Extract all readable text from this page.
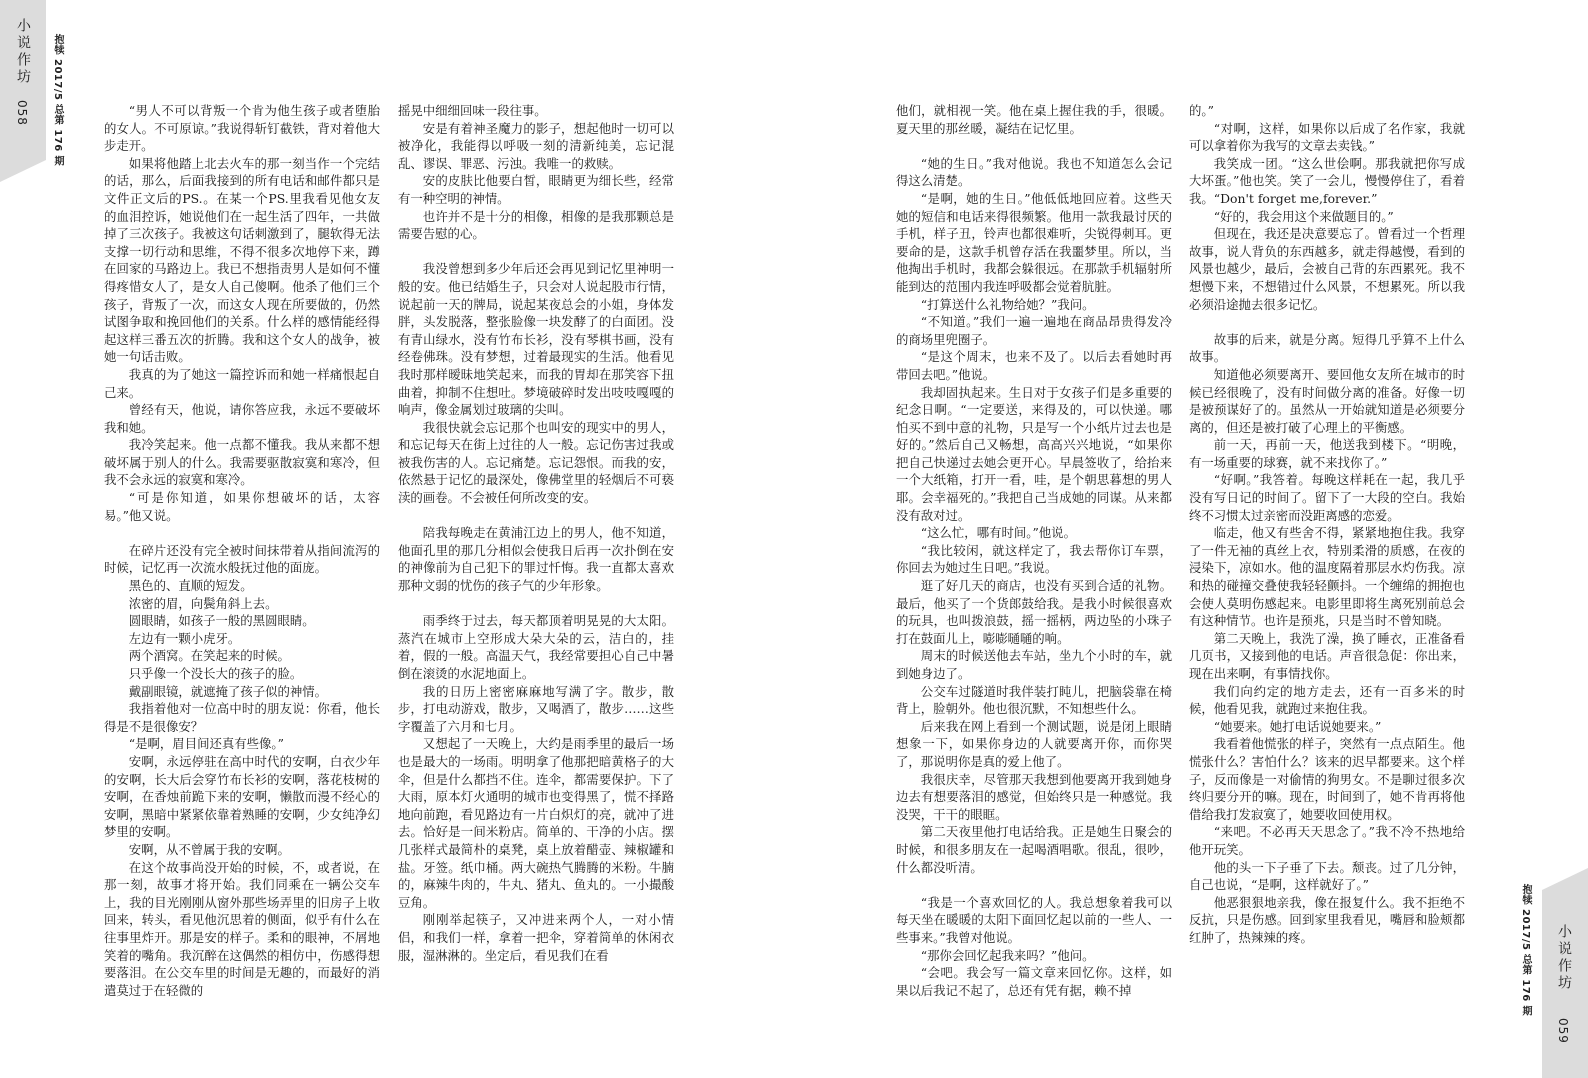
小说作坊
058 抱犊 2017/5 总第 176 期	“男人不可以背叛一个肯为他生孩子或者堕胎的女人。不可原谅。”我说得斩钉截铁，背对着他大步走开。

如果将他踏上北去火车的那一刻当作一个完结的话，那么，后面我接到的所有电话和邮件都只是文件正文后的PS.。在某一个PS.里我看见他女友的血泪控诉，她说他们在一起生活了四年，一共做掉了三次孩子。我被这句话刺激到了，腿软得无法支撑一切行动和思维，不得不很多次地停下来，蹲在回家的马路边上。我已不想指责男人是如何不懂得疼惜女人了，是女人自己傻啊。他杀了他们三个孩子，背叛了一次，而这女人现在所要做的，仍然试图争取和挽回他们的关系。什么样的感情能经得起这样三番五次的折腾。我和这个女人的战争，被她一句话击败。

我真的为了她这一篇控诉而和她一样痛恨起自己来。

曾经有天，他说，请你答应我，永远不要破坏我和她。

我冷笑起来。他一点都不懂我。我从来都不想破坏属于别人的什么。我需要驱散寂寞和寒冷，但我不会永远的寂寞和寒冷。

“可是你知道，如果你想破坏的话，太容易。”他又说。

在碎片还没有完全被时间抹带着从指间流泻的时候，记忆再一次流水般抚过他的面庞。

黑色的、直顺的短发。

浓密的眉，向鬓角斜上去。

圆眼睛，如孩子一般的黑圆眼睛。

左边有一颗小虎牙。

两个酒窝。在笑起来的时候。

只乎像一个没长大的孩子的脸。

戴副眼镜，就遮掩了孩子似的神情。

我指着他对一位高中时的朋友说：你看，他长得是不是很像安？

“是啊，眉目间还真有些像。”

安啊，永远停驻在高中时代的安啊，白衣少年的安啊，长大后会穿竹布长衫的安啊，落花枝树的安啊，在香烛前跪下来的安啊，懒散而漫不经心的安啊，黑暗中紧紧依靠着熟睡的安啊，少女纯净幻梦里的安啊。

安啊，从不曾属于我的安啊。

在这个故事尚没开始的时候，不，或者说，在那一刻，故事才将开始。我们同乘在一辆公交车上，我的目光刚刚从窗外那些场弄里的旧房子上收回来，转头，看见他沉思着的侧面，似乎有什么在往事里炸开。那是安的样子。柔和的眼神，不屑地笑着的嘴角。我沉醉在这偶然的相仿中，伤感得想要落泪。在公交车里的时间是无趣的，而最好的消遣莫过于在轻微的

摇晃中细细回味一段往事。

安是有着神圣魔力的影子，想起他时一切可以被净化，我能得以呼吸一刻的清新纯美，忘记混乱、谬误、罪恶、污浊。我唯一的救赎。

安的皮肤比他要白皙，眼睛更为细长些，经常有一种空明的神情。

也许并不是十分的相像，相像的是我那颗总是需要告慰的心。

我没曾想到多少年后还会再见到记忆里神明一般的安。他已结婚生子，只会对人说起股市行情，说起前一天的牌局，说起某夜总会的小姐，身体发胖，头发脱落，整张脸像一块发酵了的白面团。没有青山绿水，没有竹布长衫，没有琴棋书画，没有经卷佛珠。没有梦想，过着最现实的生活。他看见我时那样暧昧地笑起来，而我的胃却在那笑容下扭曲着，抑制不住想吐。梦境破碎时发出吱吱嘎嘎的响声，像金属划过玻璃的尖叫。

我很快就会忘记那个也叫安的现实中的男人，和忘记每天在街上过往的人一般。忘记伤害过我或被我伤害的人。忘记痛楚。忘记怨恨。而我的安，依然悬于记忆的最深处，像佛堂里的轻烟后不可亵渎的画卷。不会被任何所改变的安。

陪我每晚走在黄浦江边上的男人，他不知道，他面孔里的那几分相似会使我日后再一次扑倒在安的神像前为自己犯下的罪过忏悔。我一直都太喜欢那种文弱的忧伤的孩子气的少年形象。

雨季终于过去，每天都顶着明晃晃的大太阳。蒸汽在城市上空形成大朵大朵的云，洁白的，挂着，假的一般。高温天气，我经常要担心自己中暑倒在滚烫的水泥地面上。

我的日历上密密麻麻地写满了字。散步，散步，打电动游戏，散步，又喝酒了，散步……这些字覆盖了六月和七月。

又想起了一天晚上，大约是雨季里的最后一场也是最大的一场雨。明明拿了他那把暗黄格子的大伞，但是什么都挡不住。连伞，都需要保护。下了大雨，原本灯火通明的城市也变得黑了，慌不择路地向前跑，看见路边有一片白炽灯的亮，就冲了进去。恰好是一间米粉店。简单的、干净的小店。摆几张样式最简朴的桌凳，桌上放着醋壶、辣椒罐和盐。牙签。纸巾桶。两大碗热气腾腾的米粉。牛腩的，麻辣牛肉的，牛丸、猪丸、鱼丸的。一小撮酸豆角。

刚刚举起筷子，又冲进来两个人，一对小情侣，和我们一样，拿着一把伞，穿着简单的休闲衣服，湿淋淋的。坐定后，看见我们在看	抱犊 2017/5 总第 176 期 小说作坊
059

他们，就相视一笑。他在桌上握住我的手，很暖。夏天里的那丝暖，凝结在记忆里。

“她的生日。”我对他说。我也不知道怎么会记得这么清楚。

“是啊，她的生日。”他低低地回应着。这些天她的短信和电话来得很频繁。他用一款我最讨厌的手机，样子丑，铃声也都很难听，尖锐得刺耳。更要命的是，这款手机曾存活在我噩梦里。所以，当他掏出手机时，我都会躲很远。在那款手机辐射所能到达的范围内我连呼吸都会觉着肮脏。

“打算送什么礼物给她？”我问。

“不知道。”我们一遍一遍地在商品昂贵得发冷的商场里兜圈子。

“是这个周末，也来不及了。以后去看她时再带回去吧。”他说。

我却固执起来。生日对于女孩子们是多重要的纪念日啊。“一定要送，来得及的，可以快递。哪怕买不到中意的礼物，只是写一个小纸片过去也是好的。”然后自己又畅想，高高兴兴地说，“如果你把自己快递过去她会更开心。早晨签收了，给抬来一个大纸箱，打开一看，哇，是个朝思暮想的男人耶。会幸福死的。”我把自己当成她的同谋。从来都没有敌对过。

“这么忙，哪有时间。”他说。

“我比较闲，就这样定了，我去帮你订车票，你回去为她过生日吧。”我说。

逛了好几天的商店，也没有买到合适的礼物。最后，他买了一个货郎鼓给我。是我小时候很喜欢的玩具，也叫拨浪鼓，摇一摇柄，两边坠的小珠子打在鼓面儿上，嘭嘭嗵嗵的响。

周末的时候送他去车站，坐九个小时的车，就到她身边了。

公交车过隧道时我伴装打盹儿，把脑袋靠在椅背上，脸朝外。他也很沉默，不知想些什么。

后来我在网上看到一个测试题，说是闭上眼睛想象一下，如果你身边的人就要离开你，而你哭了，那说明你是真的爱上他了。

我很庆幸，尽管那天我想到他要离开我到她身边去有想要落泪的感觉，但始终只是一种感觉。我没哭，干干的眼眶。

第二天夜里他打电话给我。正是她生日聚会的时候，和很多朋友在一起喝酒唱歌。很乱，很吵，什么都没听清。

“我是一个喜欢回忆的人。我总想象着我可以每天坐在暖暖的太阳下面回忆起以前的一些人、一些事来。”我曾对他说。

“那你会回忆起我来吗？”他问。

“会吧。我会写一篇文章来回忆你。这样，如果以后我记不起了，总还有凭有据，赖不掉

的。”

“对啊，这样，如果你以后成了名作家，我就可以拿着你为我写的文章去卖钱。”

我笑成一团。“这么世侩啊。那我就把你写成大坏蛋。”他也笑。笑了一会儿，慢慢停住了，看着我。“Don't forget me,forever.”

“好的，我会用这个来做题目的。”

但现在，我还是决意要忘了。曾看过一个哲理故事，说人背负的东西越多，就走得越慢，看到的风景也越少，最后，会被自己背的东西累死。我不想慢下来，不想错过什么风景，不想累死。所以我必须沿途抛去很多记忆。

故事的后来，就是分离。短得几乎算不上什么故事。

知道他必须要离开、要回他女友所在城市的时候已经很晚了，没有时间做分离的准备。好像一切是被预谋好了的。虽然从一开始就知道是必须要分离的，但还是被打破了心理上的平衡感。

前一天，再前一天，他送我到楼下。“明晚，有一场重要的球赛，就不来找你了。”

“好啊。”我答着。每晚这样耗在一起，我几乎没有写日记的时间了。留下了一大段的空白。我始终不习惯太过亲密而没距离感的恋爱。

临走，他又有些舍不得，紧紧地抱住我。我穿了一件无袖的真丝上衣，特别柔滑的质感，在夜的浸染下，凉如水。他的温度隔着那层水灼伤我。凉和热的碰撞交叠使我轻轻颤抖。一个缠绵的拥抱也会使人莫明伤感起来。电影里即将生离死别前总会有这种情节。也许是预兆，只是当时不曾知晓。

第二天晚上，我洗了澡，换了睡衣，正准备看几页书，又接到他的电话。声音很急促：你出来，现在出来啊，有事情找你。

我们向约定的地方走去，还有一百多米的时候，他看见我，就跑过来抱住我。

“她要来。她打电话说她要来。”

我看着他慌张的样子，突然有一点点陌生。他慌张什么？害怕什么？该来的迟早都要来。这个样子，反而像是一对偷情的狗男女。不是聊过很多次终归要分开的嘛。现在，时间到了，她不肯再将他借给我打发寂寞了，她要收回使用权。

“来吧。不必再天天思念了。”我不冷不热地给他开玩笑。

他的头一下子垂了下去。颓丧。过了几分钟，自己也说，“是啊，这样就好了。”

他恶狠狠地亲我，像在报复什么。我不拒绝不反抗，只是伤感。回到家里我看见，嘴唇和脸颊都红肿了，热辣辣的疼。
